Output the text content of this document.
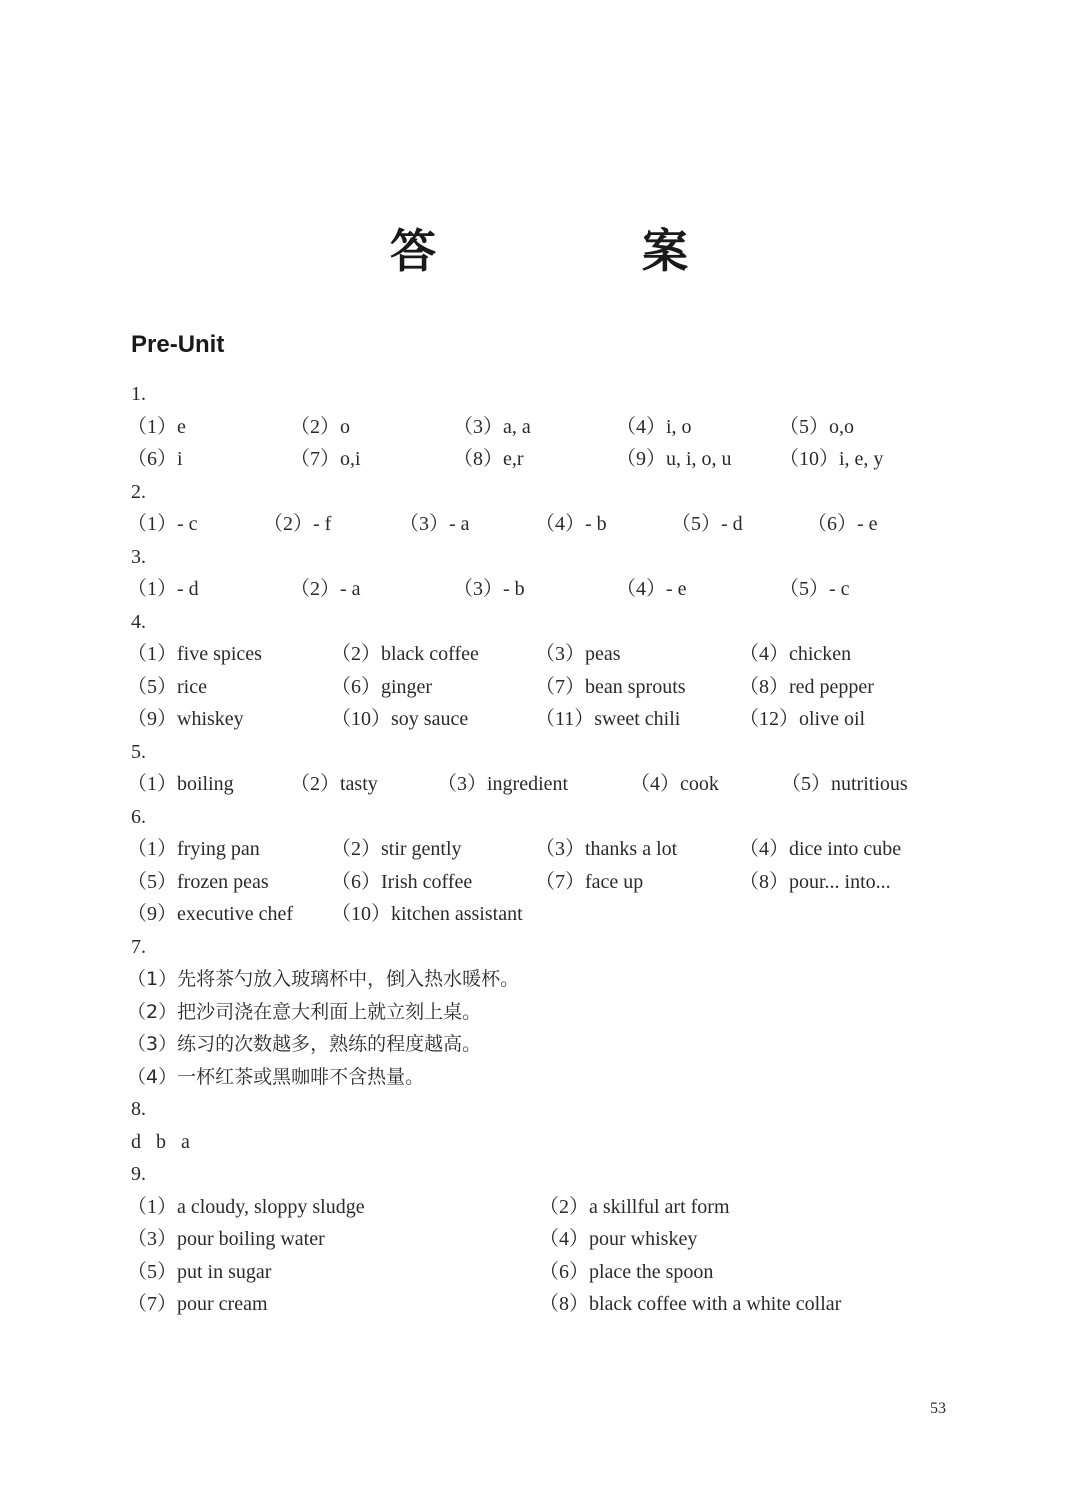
答　案
Pre-Unit
1.
（1）e	（2）o	（3）a, a	（4）i, o	（5）o,o
（6）i	（7）o,i	（8）e,r	（9）u, i, o, u	（10）i, e, y
2.
（1）- c	（2）- f	（3）- a	（4）- b	（5）- d	（6）- e
3.
（1）- d	（2）- a	（3）- b	（4）- e	（5）- c
4.
（1）five spices	（2）black coffee	（3）peas	（4）chicken
（5）rice	（6）ginger	（7）bean sprouts	（8）red pepper
（9）whiskey	（10）soy sauce	（11）sweet chili	（12）olive oil
5.
（1）boiling	（2）tasty	（3）ingredient	（4）cook	（5）nutritious
6.
（1）frying pan	（2）stir gently	（3）thanks a lot	（4）dice into cube
（5）frozen peas	（6）Irish coffee	（7）face up	（8）pour... into...
（9）executive chef	（10）kitchen assistant
7.
（1）先将茶勺放入玻璃杯中，倒入热水暖杯。
（2）把沙司浇在意大利面上就立刻上桌。
（3）练习的次数越多，熟练的程度越高。
（4）一杯红茶或黑咖啡不含热量。
8.
d b a
9.
（1）a cloudy, sloppy sludge	（2）a skillful art form
（3）pour boiling water	（4）pour whiskey
（5）put in sugar	（6）place the spoon
（7）pour cream	（8）black coffee with a white collar
53
